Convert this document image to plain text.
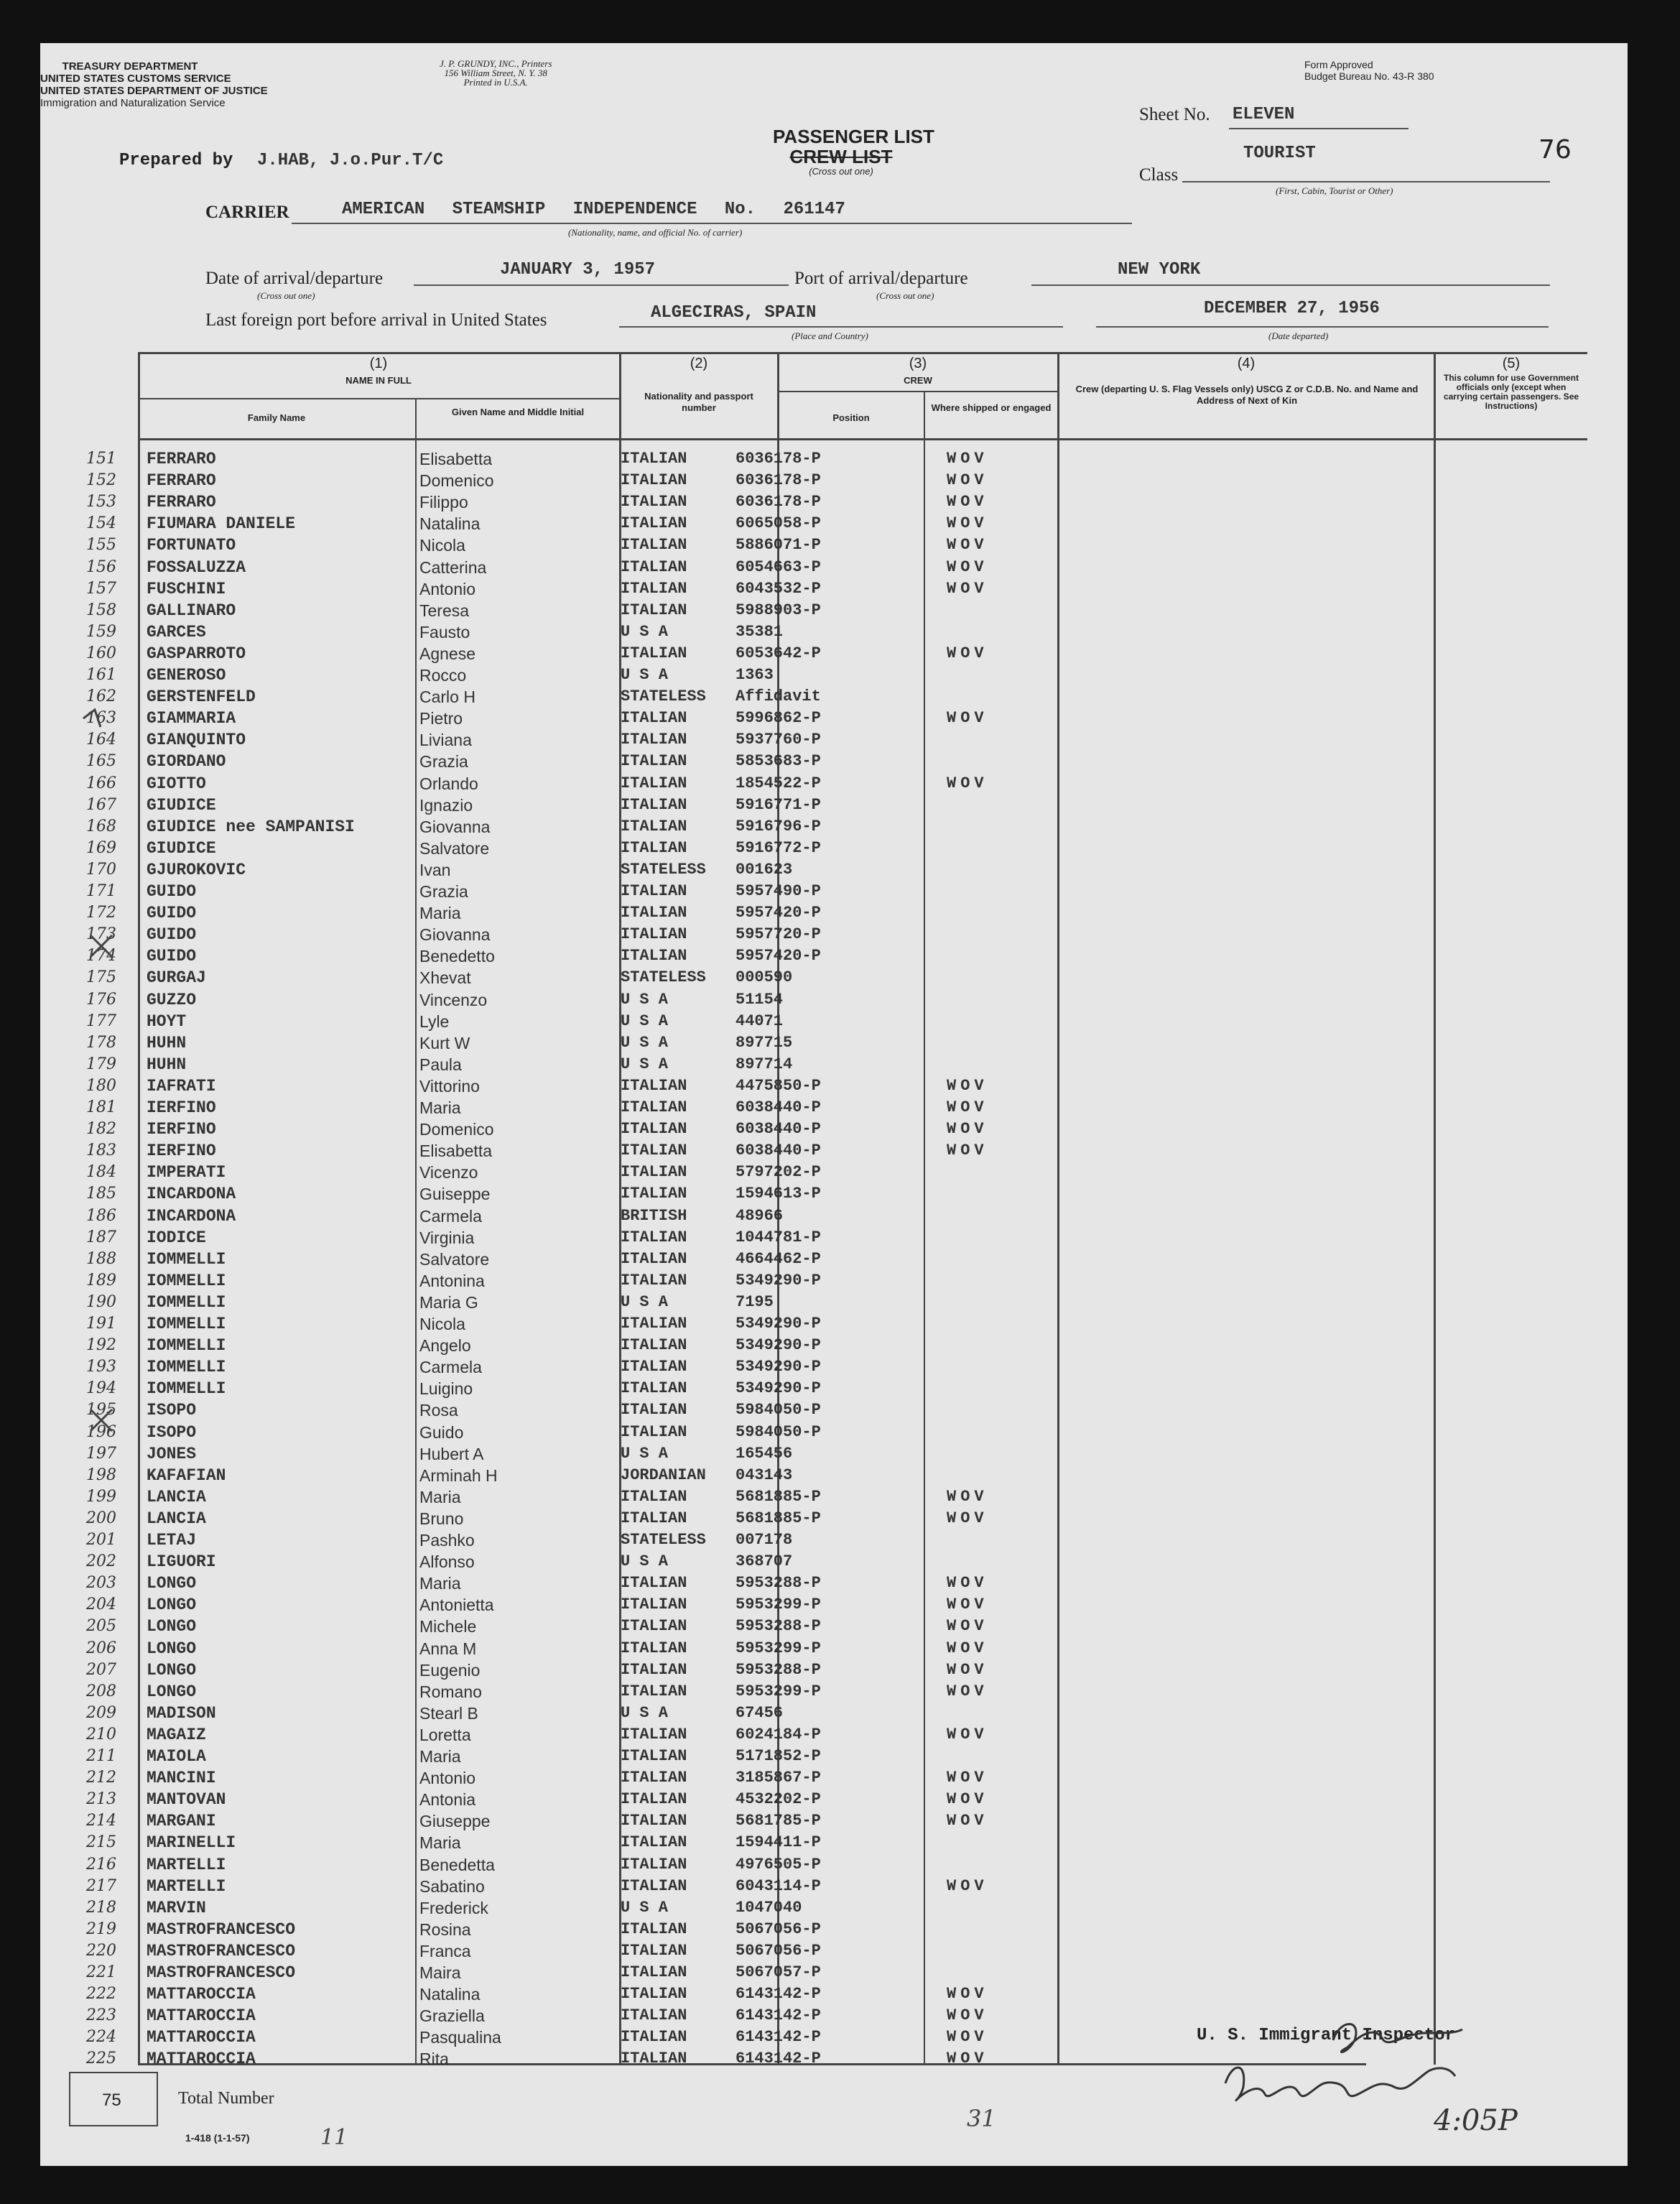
TREASURY DEPARTMENT
UNITED STATES CUSTOMS SERVICE
UNITED STATES DEPARTMENT OF JUSTICE
Immigration and Naturalization Service
J. P. GRUNDY, INC., Printers
156 William Street, N. Y. 38
Printed in U.S.A.
Form Approved
Budget Bureau No. 43-R 380
PASSENGER LIST
CREW LIST
(Cross out one)
Sheet No. ELEVEN
76
Class
TOURIST
(First, Cabin, Tourist or Other)
Prepared by J.HAB, J.o.Pur.T/C
CARRIER	AMERICAN STEAMSHIP INDEPENDENCE No. 261147
(Nationality, name, and official No. of carrier)
Date of arrival/departure
(Cross out one)
JANUARY 3, 1957	Port of arrival/departure
(Cross out one)
NEW YORK
Last foreign port before arrival in United States	ALGECIRAS, SPAIN
(Place and Country)
DECEMBER 27, 1956
(Date departed)
(1)
NAME IN FULL
Family Name
Given Name and Middle Initial
(2)
Nationality and passport number
(3)
CREW
Position
Where shipped or engaged
(4)
Crew (departing U. S. Flag Vessels only) USCG Z or C.D.B. No. and Name and Address of Next of Kin
(5)
This column for use Government officials only (except when carrying certain passengers. See Instructions)
151	FERRARO	Elisabetta	ITALIAN	6036178-P	WOV
152	FERRARO	Domenico	ITALIAN	6036178-P	WOV
153	FERRARO	Filippo	ITALIAN	6036178-P	WOV
154	FIUMARA DANIELE	Natalina	ITALIAN	6065058-P	WOV
155	FORTUNATO	Nicola	ITALIAN	5886071-P	WOV
156	FOSSALUZZA	Catterina	ITALIAN	6054663-P	WOV
157	FUSCHINI	Antonio	ITALIAN	6043532-P	WOV
158	GALLINARO	Teresa	ITALIAN	5988903-P
159	GARCES	Fausto	U S A	35381
160	GASPARROTO	Agnese	ITALIAN	6053642-P	WOV
161	GENEROSO	Rocco	U S A	1363
162	GERSTENFELD	Carlo H	STATELESS Affidavit
163	GIAMMARIA	Pietro	ITALIAN	5996862-P	WOV
164	GIANQUINTO	Liviana	ITALIAN	5937760-P
165	GIORDANO	Grazia	ITALIAN	5853683-P
166	GIOTTO	Orlando	ITALIAN	1854522-P	WOV
167	GIUDICE	Ignazio	ITALIAN	5916771-P
168	GIUDICE nee SAMPANISI	Giovanna	ITALIAN	5916796-P
169	GIUDICE	Salvatore	ITALIAN	5916772-P
170	GJUROKOVIC	Ivan	STATELESS 001623
171	GUIDO	Grazia	ITALIAN	5957490-P
172	GUIDO	Maria	ITALIAN	5957420-P
173	GUIDO	Giovanna	ITALIAN	5957720-P
174	GUIDO	Benedetto	ITALIAN	5957420-P
175	GURGAJ	Xhevat	STATELESS 000590
176	GUZZO	Vincenzo	U S A	51154
177	HOYT	Lyle	U S A	44071
178	HUHN	Kurt W	U S A	897715
179	HUHN	Paula	U S A	897714
180	IAFRATI	Vittorino	ITALIAN	4475850-P	WOV
181	IERFINO	Maria	ITALIAN	6038440-P	WOV
182	IERFINO	Domenico	ITALIAN	6038440-P	WOV
183	IERFINO	Elisabetta	ITALIAN	6038440-P	WOV
184	IMPERATI	Vicenzo	ITALIAN	5797202-P
185	INCARDONA	Guiseppe	ITALIAN	1594613-P
186	INCARDONA	Carmela	BRITISH	48966
187	IODICE	Virginia	ITALIAN	1044781-P
188	IOMMELLI	Salvatore	ITALIAN	4664462-P
189	IOMMELLI	Antonina	ITALIAN	5349290-P
190	IOMMELLI	Maria G	U S A	7195
191	IOMMELLI	Nicola	ITALIAN	5349290-P
192	IOMMELLI	Angelo	ITALIAN	5349290-P
193	IOMMELLI	Carmela	ITALIAN	5349290-P
194	IOMMELLI	Luigino	ITALIAN	5349290-P
195	ISOPO	Rosa	ITALIAN	5984050-P
196	ISOPO	Guido	ITALIAN	5984050-P
197	JONES	Hubert A	U S A	165456
198	KAFAFIAN	Arminah H	JORDANIAN 043143
199	LANCIA	Maria	ITALIAN	5681885-P	WOV
200	LANCIA	Bruno	ITALIAN	5681885-P	WOV
201	LETAJ	Pashko	STATELESS 007178
202	LIGUORI	Alfonso	U S A	368707
203	LONGO	Maria	ITALIAN	5953288-P	WOV
204	LONGO	Antonietta	ITALIAN	5953299-P	WOV
205	LONGO	Michele	ITALIAN	5953288-P	WOV
206	LONGO	Anna M	ITALIAN	5953299-P	WOV
207	LONGO	Eugenio	ITALIAN	5953288-P	WOV
208	LONGO	Romano	ITALIAN	5953299-P	WOV
209	MADISON	Stearl B	U S A	67456
210	MAGAIZ	Loretta	ITALIAN	6024184-P	WOV
211	MAIOLA	Maria	ITALIAN	5171852-P
212	MANCINI	Antonio	ITALIAN	3185867-P	WOV
213	MANTOVAN	Antonia	ITALIAN	4532202-P	WOV
214	MARGANI	Giuseppe	ITALIAN	5681785-P	WOV
215	MARINELLI	Maria	ITALIAN	1594411-P
216	MARTELLI	Benedetta	ITALIAN	4976505-P
217	MARTELLI	Sabatino	ITALIAN	6043114-P	WOV
218	MARVIN	Frederick	U S A	1047040
219	MASTROFRANCESCO	Rosina	ITALIAN	5067056-P
220	MASTROFRANCESCO	Franca	ITALIAN	5067056-P
221	MASTROFRANCESCO	Maira	ITALIAN	5067057-P
222	MATTAROCCIA	Natalina	ITALIAN	6143142-P	WOV
223	MATTAROCCIA	Graziella	ITALIAN	6143142-P	WOV
224	MATTAROCCIA	Pasqualina	ITALIAN	6143142-P	WOV
225	MATTAROCCIA	Rita	ITALIAN	6143142-P	WOV
75	Total Number
1-418 (1-1-57)	11
31
U. S. Immigrant Inspector
4:05P
